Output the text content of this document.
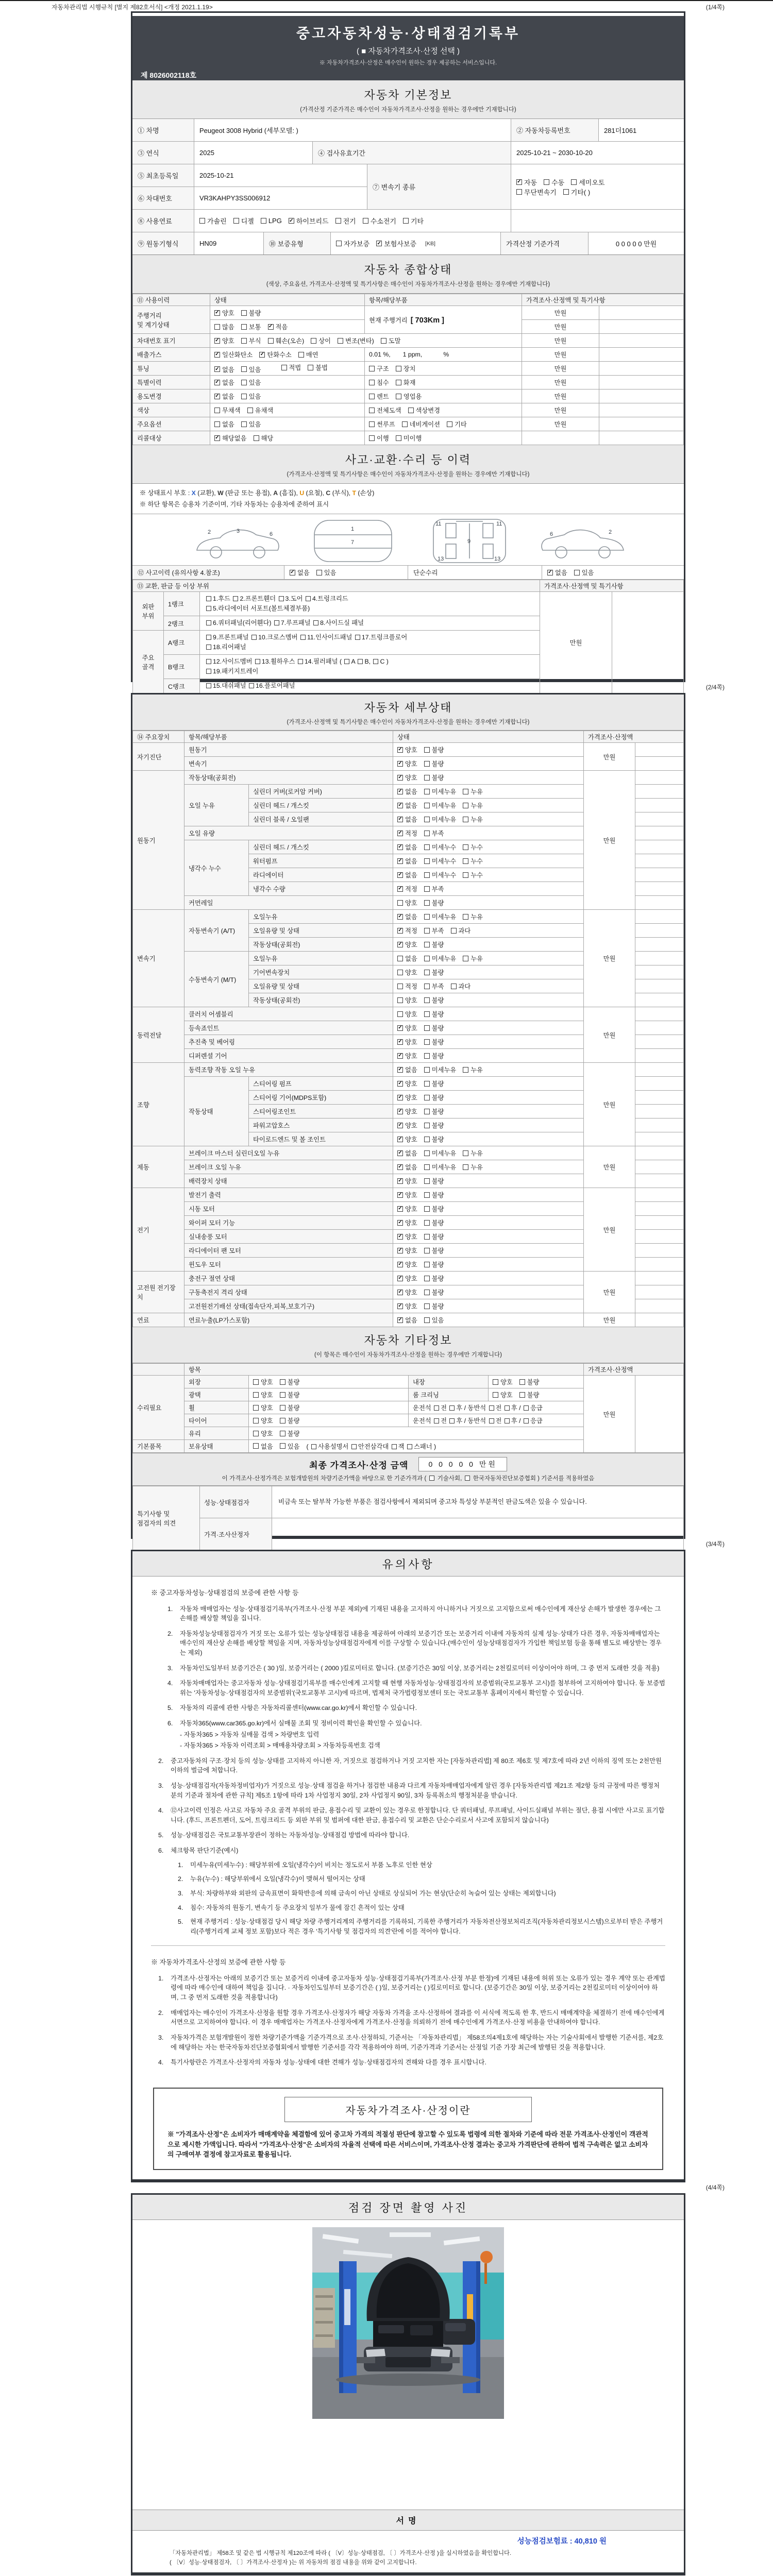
자동차관리법 시행규칙 [별지 제82호서식] <개정 2021.1.19>	(1/4쪽)
중고자동차성능·상태점검기록부
( ■ 자동차가격조사·산정 선택 )
※ 자동차가격조사·산정은 매수인이 원하는 경우 제공하는 서비스입니다.
제 8026002118호
자동차 기본정보
(가격산정 기준가격은 매수인이 자동차가격조사·산정을 원하는 경우에만 기재합니다)
① 차명	Peugeot 3008 Hybrid (세부모델: )	② 자동차등록번호	281더1061
③ 연식	2025	④ 검사유효기간	2025-10-21 ~ 2030-10-20
⑤ 최초등록일	2025-10-21
⑥ 차대번호	VR3KAHPY3SS006912
⑦ 변속기 종류
✓ 자동 수동 세미오토
무단변속기 기타( )
⑧ 사용연료	가솔린 디젤 LPG ✓ 하이브리드 전기 수소전기 기타
⑨ 원동기형식	HN09	⑩ 보증유형	자가보증 ✓ 보험사보증 [KB]	가격산정 기준가격	0 0 0 0 0 만원
자동차 종합상태
(색상, 주요옵션, 가격조사·산정액 및 특기사항은 매수인이 자동차가격조사·산정을 원하는 경우에만 기재합니다)
⑪ 사용이력	상태	항목/해당부품	가격조사·산정액 및 특기사항	
주행거리
및 계기상태	✓ 양호 불량	현재 주행거리 [ 703Km ]	만원	

	많음 보통 ✓ 적음		만원	
차대번호 표기	✓ 양호 부식 훼손(오손) 상이 변조(변타) 도말	만원	
배출가스	✓ 일산화탄소 ✓ 탄화수소 매연	0.01 %,       1 ppm,            %	만원	
튜닝	✓ 없음 있음 적법 불법	구조 장치	만원	
특별이력	✓ 없음 있음	침수 화재	만원	
용도변경	✓ 없음 있음	렌트 영업용	만원	
색상	무채색 유채색	전체도색 색상변경	만원	
주요옵션	없음 있음	썬루프 네비게이션 기타	만원	
리콜대상	✓ 해당없음 해당	이행 미이행		

사고·교환·수리 등 이력
(가격조사·산정액 및 특기사항은 매수인이 자동차가격조사·산정을 원하는 경우에만 기재합니다)
※ 상태표시 부호 : X (교환), W (판금 또는 용접), A (흠집), U (요철), C (부식), T (손상)
※ 하단 항목은 승용차 기준이며, 기타 자동차는 승용차에 준하여 표시
2	3	6
1
7
11	11
9
13	13
2
6
⑫ 사고이력 (유의사항 4.참조)	✓ 없음 있음	단순수리	✓ 없음 있음
⑬ 교환, 판금 등 이상 부위			가격조사·산정액 및 특기사항	
외판
부위	1랭크	1.후드 2.프론트휀더 3.도어 4.트렁크리드
5.라디에이터 서포트(볼트체결부품)	만원	
	2랭크	6.쿼터패널(리어휀다) 7.루프패널 8.사이드실 패널		
주요
골격	A랭크	9.프론트패널 10.크로스멤버 11.인사이드패널 17.트렁크플로어
18.리어패널		
	B랭크	12.사이드멤버 13.휠하우스 14.필러패널 ( A B, C )
19.패키지트레이		
	C랭크	15.대쉬패널 16.플로어패널			(2/4쪽)
자동차 세부상태
(가격조사·산정액 및 특기사항은 매수인이 자동차가격조사·산정을 원하는 경우에만 기재합니다)
⑭ 주요장치	항목/해당부품		상태	가격조사·산정액	
자기진단	원동기		✓ 양호 불량	만원	
	변속기		✓ 양호 불량		

원동기	작동상태(공회전)		✓ 양호 불량	만원	
	오일 누유	실린더 커버(로커암 커버)	✓ 없음 미세누유 누유		

		실린더 헤드 / 개스킷	✓ 없음 미세누유 누유		

		실린더 블록 / 오일팬	✓ 없음 미세누유 누유		

	오일 유량		✓ 적정 부족		

	냉각수 누수	실린더 헤드 / 개스킷	✓ 없음 미세누수 누수		

		워터펌프	✓ 없음 미세누수 누수		

		라디에이터	✓ 없음 미세누수 누수		

		냉각수 수량	✓ 적정 부족		

	커먼레일		양호 불량		

변속기	자동변속기 (A/T)	오일누유	✓ 없음 미세누유 누유	만원	
		오일유량 및 상태	✓ 적정 부족 과다		

		작동상태(공회전)	✓ 양호 불량		

	수동변속기 (M/T)	오일누유	없음 미세누유 누유		

		기어변속장치	양호 불량		

		오일유량 및 상태	적정 부족 과다		

		작동상태(공회전)	양호 불량		

동력전달	클러치 어셈블리		양호 불량	만원	
	등속죠인트		✓ 양호 불량		

	추진축 및 베어링		✓ 양호 불량		

	디퍼렌셜 기어		✓ 양호 불량		

조향	동력조향 작동 오일 누유		✓ 없음 미세누유 누유	만원	
	작동상태	스티어링 펌프	✓ 양호 불량		

		스티어링 기어(MDPS포함)	✓ 양호 불량		

		스티어링조인트	✓ 양호 불량		

		파워고압호스	✓ 양호 불량		

		타이로드엔드 및 볼 조인트	✓ 양호 불량		

제동	브레이크 마스터 실린더오일 누유		✓ 없음 미세누유 누유	만원	
	브레이크 오일 누유		✓ 없음 미세누유 누유		

	배력장치 상태		✓ 양호 불량		

전기	발전기 출력		✓ 양호 불량	만원	
	시동 모터		✓ 양호 불량		

	와이퍼 모터 기능		✓ 양호 불량		

	실내송풍 모터		✓ 양호 불량		

	라디에이터 팬 모터		✓ 양호 불량		

	윈도우 모터		✓ 양호 불량		

고전원 전기장치	충전구 절연 상태		✓ 양호 불량	만원	
	구동축전지 격리 상태		✓ 양호 불량		

	고전원전기배선 상태(접속단자,피복,보호기구)		✓ 양호 불량		

연료	연료누출(LP가스포함)		✓ 없음 있음	만원	
자동차 기타정보
(이 항목은 매수인이 자동차가격조사·산정을 원하는 경우에만 기재합니다)
	항목				가격조사·산정액	
수리필요	외장	양호 불량	내장	양호 불량	만원	
	광택	양호 불량	룸 크리닝	양호 불량		

	휠	양호 불량	운전석 전 후 / 동반석 전 후 / 응급			
	타이어	양호 불량	운전석 전 후 / 동반석 전 후 / 응급			
	유리	양호 불량				

기본품목	보유상태	없음 있음 ( 사용설명서 안전삼각대 잭 스패너 )				
최종 가격조사·산정 금액	0 0 0 0 0 만원
이 가격조사·산정가격은 보험개발원의 차량기준가액을 바탕으로 한 기준가격과 (  기술사회,  한국자동차진단보증협회 ) 기준서를 적용하였음
특기사항 및
점검자의 의견	성능·상태점검자	비금속 또는 탈부착 가능한 부품은 점검사항에서 제외되며 중고차 특성상 부분적인 판금도색은 있을 수 있습니다.
	가격·조사산정자	
(3/4쪽)
유의사항
※ 중고자동차성능·상태점검의 보증에 관한 사항 등
1.	자동차 매매업자는 성능·상태점검기록부(가격조사·산정 부분 제외)에 기재된 내용을 고지하지 아니하거나 거짓으로 고지함으로써 매수인에게 재산상 손해가 발생한 경우에는 그 손해를 배상할 책임을 집니다.
2.	자동차성능상태점검자가 거짓 또는 오류가 있는 성능상태점검 내용을 제공하여 아래의 보증기간 또는 보증거리 이내에 자동차의 실제 성능·상태가 다른 경우, 자동차매매업자는 매수인의 재산상 손해를 배상할 책임을 지며, 자동차성능상태점검자에게 이를 구상할 수 있습니다.(매수인이 성능상태점검자가 가입한 책임보험 등을 통해 별도로 배상받는 경우는 제외)
3.	자동차인도일부터 보증기간은 ( 30 )일, 보증거리는 ( 2000 )킬로미터로 합니다. (보증기간은 30일 이상, 보증거리는 2천킬로미터 이상이어야 하며, 그 중 먼저 도래한 것을 적용)
4.	자동차매매업자는 중고자동차 성능·상태점검기록부를 매수인에게 고지할 때 현행 자동차성능·상태점검자의 보증범위(국토교통부 고시)를 첨부하여 고지하여야 합니다. 동 보증범위는 '자동차성능·상태점검자의 보증범위'(국토교통부 고시)에 따르며, 법제처 국가법령정보센터 또는 국토교통부 홈페이지에서 확인할 수 있습니다.
5.	자동차의 리콜에 관한 사항은 자동차리콜센터(www.car.go.kr)에서 확인할 수 있습니다.
6.	자동차365(www.car365.go.kr)에서 실매물 조회 및 정비이력 확인을 확인할 수 있습니다.
- 자동차365 > 자동차 실매물 검색 > 차량번호 입력
- 자동차365 > 자동차 이력조회 > 매매용차량조회 > 자동차등록번호 검색
2.	중고자동차의 구조·장치 등의 성능·상태를 고지하지 아니한 자, 거짓으로 점검하거나 거짓 고지한 자는 [자동차관리법] 제 80조 제6호 및 제7호에 따라 2년 이하의 징역 또는 2천만원 이하의 벌금에 처합니다.
3.	성능·상태점검자(자동차정비업자)가 거짓으로 성능·상태 점검을 하거나 점검한 내용과 다르게 자동차매매업자에게 알린 경우 [자동차관리법 제21조 제2항 등의 규정에 따른 행정처분의 기준과 절차에 관한 규칙] 제5조 1항에 따라 1차 사업정지 30일, 2차 사업정지 90일, 3차 등록취소의 행정처분을 받습니다.
4.	⑫사고이력 인정은 사고로 자동차 주요 골격 부위의 판금, 용접수리 및 교환이 있는 경우로 한정합니다. 단 쿼터패널, 루프패널, 사이드실패널 부위는 절단, 용접 시에만 사고로 표기합니다. (후드, 프론트펜더, 도어, 트렁크리드 등 외판 부위 및 범퍼에 대한 판금, 용접수리 및 교환은 단순수리로서 사고에 포함되지 않습니다)
5.	성능·상태점검은 국토교통부장관이 정하는 자동차성능·상태점검 방법에 따라야 합니다.
6.	체크항목 판단기준(예시)
1.	미세누유(미세누수) : 해당부위에 오일(냉각수)이 비치는 정도로서 부품 노후로 인한 현상
2.	누유(누수) : 해당부위에서 오일(냉각수)이 맺혀서 떨어지는 상태
3.	부식: 차량하부와 외판의 금속표면이 화학반응에 의해 금속이 아닌 상태로 상실되어 가는 현상(단순히 녹슬어 있는 상태는 제외합니다)
4.	침수: 자동차의 원동기, 변속기 등 주요장치 일부가 물에 잠긴 흔적이 있는 상태
5.	현재 주행거리 : 성능·상태점검 당시 해당 차량 주행거리계의 주행거리를 기록하되, 기록한 주행거리가 자동차전산정보처리조직(자동차관리정보시스템)으로부터 받은 주행거리(주행거리계 교체 정보 포함)보다 적은 경우 '특기사항 및 점검자의 의견'란에 이를 적어야 합니다.
※ 자동차가격조사·산정의 보증에 관한 사항 등
1.	가격조사·산정자는 아래의 보증기간 또는 보증거리 이내에 중고자동차 성능·상태점검기록부(가격조사·산정 부분 한정)에 기재된 내용에 허위 또는 오류가 있는 경우 계약 또는 관계법령에 따라 매수인에 대하여 책임을 집니다. · 자동차인도일부터 보증기간은 ( )일, 보증거리는 ( )킬로미터로 합니다. (보증기간은 30일 이상, 보증거리는 2천킬로미터 이상이어야 하며, 그 중 먼저 도래한 것을 적용합니다)
2.	매매업자는 매수인이 가격조사·산정을 원할 경우 가격조사·산정자가 해당 자동차 가격을 조사·산정하여 결과를 이 서식에 적도록 한 후, 반드시 매매계약을 체결하기 전에 매수인에게 서면으로 고지하여야 합니다. 이 경우 매매업자는 가격조사·산정자에게 가격조사·산정을 의뢰하기 전에 매수인에게 가격조사·산정 비용을 안내하여야 합니다.
3.	자동차가격은 보험개발원이 정한 차량기준가액을 기준가격으로 조사·산정하되, 기준서는 「자동차관리법」 제58조의4제1호에 해당하는 자는 기술사회에서 발행한 기준서를, 제2호에 해당하는 자는 한국자동차진단보증협회에서 발행한 기준서를 각각 적용하여야 하며, 기준가격과 기준서는 산정일 기준 가장 최근에 발행된 것을 적용합니다.
4.	특기사항란은 가격조사·산정자의 자동차 성능·상태에 대한 견해가 성능·상태점검자의 견해와 다를 경우 표시합니다.
자동차가격조사·산정이란
※ "가격조사·산정"은 소비자가 매매계약을 체결함에 있어 중고차 가격의 적절성 판단에 참고할 수 있도록 법령에 의한 절차와 기준에 따라 전문 가격조사·산정인이 객관적으로 제시한 가액입니다. 따라서 "가격조사·산정"은 소비자의 자율적 선택에 따른 서비스이며, 가격조사·산정 결과는 중고차 가격판단에 관하여 법적 구속력은 없고 소비자의 구매여부 결정에 참고자료로 활용됩니다.
(4/4쪽)
점검 장면 촬영 사진
서명
성능점검보험료 : 40,810 원
「자동차관리법」 제58조 및 같은 법 시행규칙 제120조에 따라 ( 〔V〕성능·상태점검, 〔 〕가격조사·산정 )을 실시하였음을 확인합니다.
( 〔V〕성능·상태점검자, 〔 〕가격조사·산정자 )는 위 자동차의 점검 내용을 위와 같이 고지합니다.
